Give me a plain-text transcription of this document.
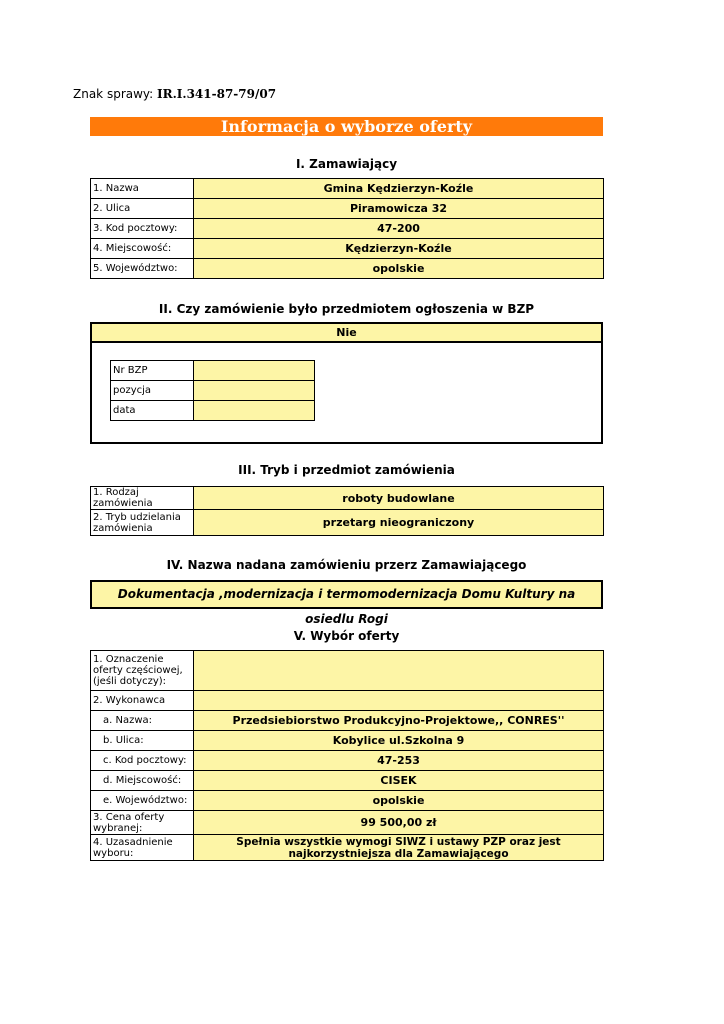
Znak sprawy: IR.I.341-87-79/07
Informacja o wyborze oferty
I. Zamawiający
1. Nazwa	Gmina Kędzierzyn-Koźle
2. Ulica	Piramowicza 32
3. Kod pocztowy:	47-200
4. Miejscowość:	Kędzierzyn-Koźle
5. Województwo:	opolskie
II. Czy zamówienie było przedmiotem ogłoszenia w BZP
Nie
Nr BZP	
pozycja	
data	
III. Tryb i przedmiot zamówienia
1. Rodzaj zamówienia	roboty budowlane
2. Tryb udzielania zamówienia	przetarg nieograniczony
IV. Nazwa nadana zamówieniu przerz Zamawiającego
Dokumentacja ,modernizacja i termomodernizacja Domu Kultury na osiedlu Rogi
V. Wybór oferty
1. Oznaczenie oferty częściowej, (jeśli dotyczy):	
2. Wykonawca	
a. Nazwa:	Przedsiebiorstwo Produkcyjno-Projektowe,, CONRES''
b. Ulica:	Kobylice ul.Szkolna 9
c. Kod pocztowy:	47-253
d. Miejscowość:	CISEK
e. Województwo:	opolskie
3. Cena oferty wybranej:	99 500,00 zł
4. Uzasadnienie wyboru:	Spełnia wszystkie wymogi SIWZ i ustawy PZP oraz jest najkorzystniejsza dla Zamawiającego
